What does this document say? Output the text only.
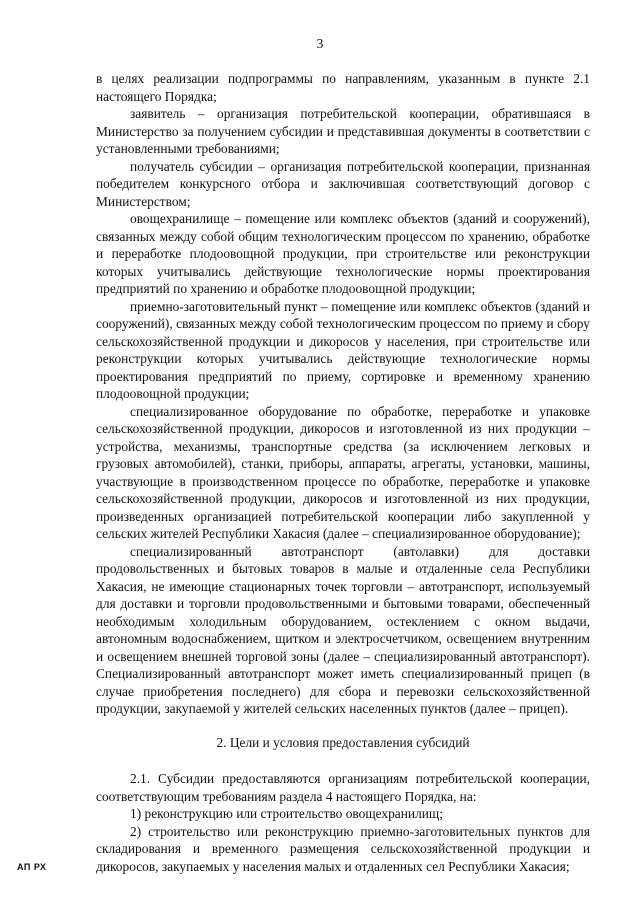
3

в целях реализации подпрограммы по направлениям, указанным в пункте 2.1 настоящего Порядка;

заявитель – организация потребительской кооперации, обратившаяся в Министерство за получением субсидии и представившая документы в соответствии с установленными требованиями;

получатель субсидии – организация потребительской кооперации, признанная победителем конкурсного отбора и заключившая соответствующий договор с Министерством;

овощехранилище – помещение или комплекс объектов (зданий и сооружений), связанных между собой общим технологическим процессом по хранению, обработке и переработке плодоовощной продукции, при строительстве или реконструкции которых учитывались действующие технологические нормы проектирования предприятий по хранению и обработке плодоовощной продукции;

приемно-заготовительный пункт – помещение или комплекс объектов (зданий и сооружений), связанных между собой технологическим процессом по приему и сбору сельскохозяйственной продукции и дикоросов у населения, при строительстве или реконструкции которых учитывались действующие технологические нормы проектирования предприятий по приему, сортировке и временному хранению плодоовощной продукции;

специализированное оборудование по обработке, переработке и упаковке сельскохозяйственной продукции, дикоросов и изготовленной из них продукции – устройства, механизмы, транспортные средства (за исключением легковых и грузовых автомобилей), станки, приборы, аппараты, агрегаты, установки, машины, участвующие в производственном процессе по обработке, переработке и упаковке сельскохозяйственной продукции, дикоросов и изготовленной из них продукции, произведенных организацией потребительской кооперации либо закупленной у сельских жителей Республики Хакасия (далее – специализированное оборудование);

специализированный автотранспорт (автолавки) для доставки продовольственных и бытовых товаров в малые и отдаленные села Республики Хакасия, не имеющие стационарных точек торговли – автотранспорт, используемый для доставки и торговли продовольственными и бытовыми товарами, обеспеченный необходимым холодильным оборудованием, остеклением с окном выдачи, автономным водоснабжением, щитком и электросчетчиком, освещением внутренним и освещением внешней торговой зоны (далее – специализированный автотранспорт). Специализированный автотранспорт может иметь специализированный прицеп (в случае приобретения последнего) для сбора и перевозки сельскохозяйственной продукции, закупаемой у жителей сельских населенных пунктов (далее – прицеп).

2. Цели и условия предоставления субсидий

2.1. Субсидии предоставляются организациям потребительской кооперации, соответствующим требованиям раздела 4 настоящего Порядка, на:

1) реконструкцию или строительство овощехранилищ;

2) строительство или реконструкцию приемно-заготовительных пунктов для складирования и временного размещения сельскохозяйственной продукции и дикоросов, закупаемых у населения малых и отдаленных сел Республики Хакасия;

АП РХ
